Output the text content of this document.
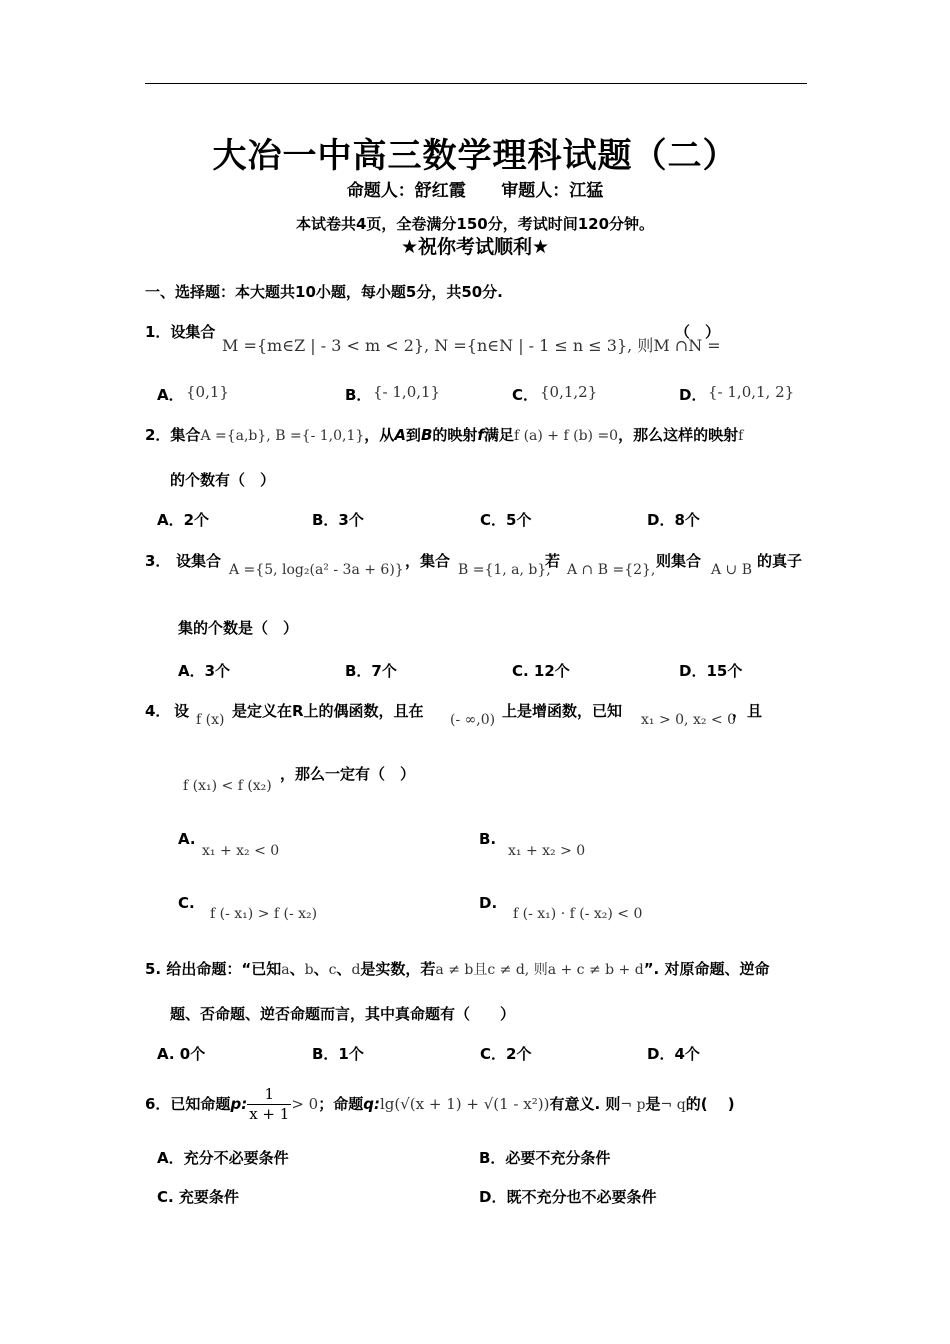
大冶一中高三数学理科试题（二）
命题人：舒红霞      审题人：江猛
本试卷共4页，全卷满分150分，考试时间120分钟。
★祝你考试顺利★
一、选择题：本大题共10小题，每小题5分，共50分.
1．设集合
M ={m∈Z | - 3 < m < 2}, N ={n∈N | - 1 ≤ n ≤ 3}, 则M ∩N =
（　）
A． {0,1}	B． {- 1,0,1}	C． {0,1,2}	D． {- 1,0,1, 2}
2．集合A ={a,b}, B ={- 1,0,1}，从A到B的映射f满足f (a) + f (b) =0，那么这样的映射f
的个数有（　）
A．2个	B．3个	C．5个	D．8个
3． 设集合 A ={5, log₂(a² - 3a + 6)} ，集合 B ={1, a, b},
若 A ∩ B ={2}, 则集合 A ∪ B 的真子
集的个数是（　）
A．3个	B．7个	C. 12个	D．15个
4． 设 f (x) 是定义在R上的偶函数，且在 (- ∞,0) 上是增函数，已知 x₁ > 0, x₂ < 0
，且
f (x₁) < f (x₂)
，那么一定有（　）
A.
x₁ + x₂ < 0
B.
x₁ + x₂ > 0
C.
f (- x₁) > f (- x₂)
D.
f (- x₁) · f (- x₂) < 0
5. 给出命题：“已知a、b、c、d是实数，若a ≠ b且c ≠ d, 则a + c ≠ b + d”. 对原命题、逆命
题、否命题、逆否命题而言，其中真命题有（　　）
A. 0个	B．1个	C．2个	D．4个
6．已知命题p: $\frac{1}{x + 1} > 0$；命题q:lg(√(x + 1) + √(1 - x²))有意义. 则¬ p是¬ q的(　 )
A．充分不必要条件	B．必要不充分条件
C. 充要条件	D．既不充分也不必要条件
